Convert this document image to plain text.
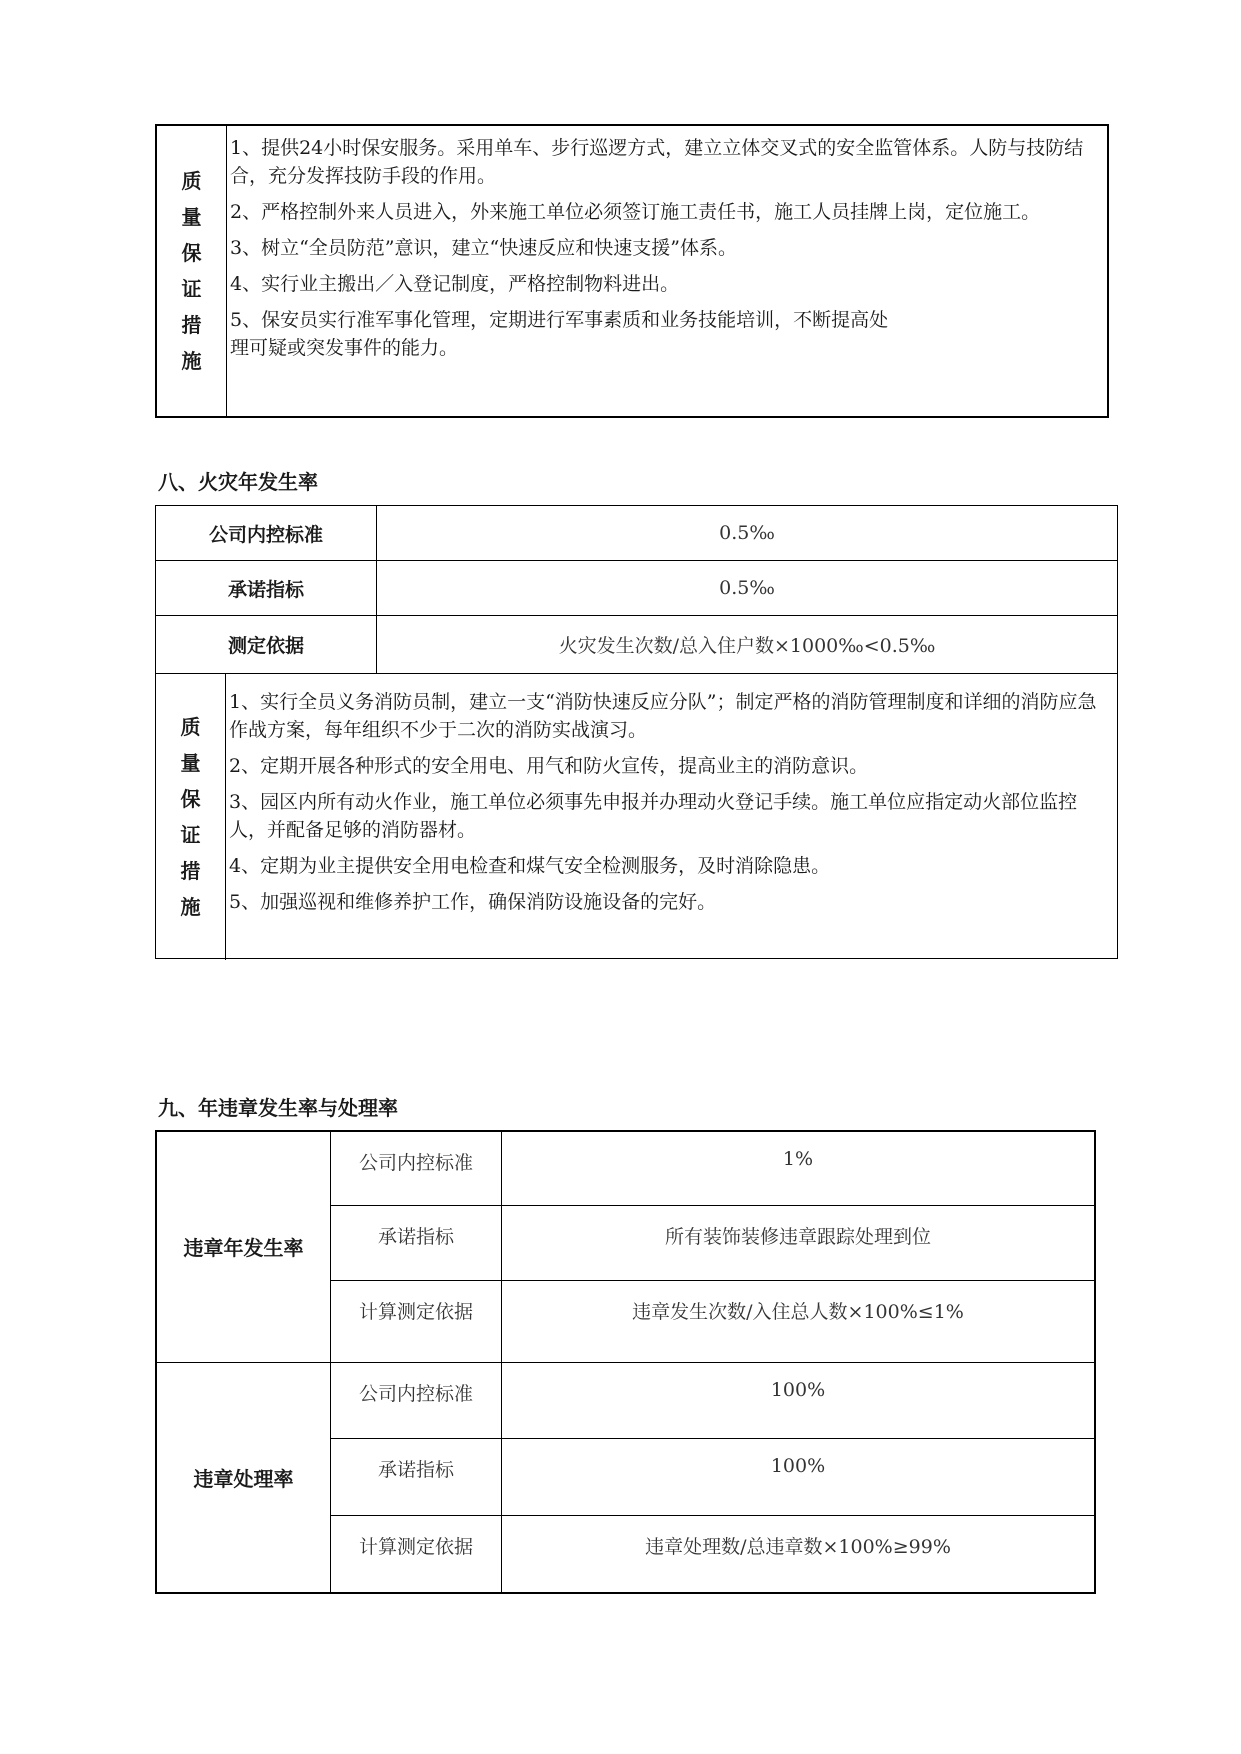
质
量
保
证
措
施

1、提供24小时保安服务。采用单车、步行巡逻方式，建立立体交叉式的安全监管体系。人防与技防结合，充分发挥技防手段的作用。

2、严格控制外来人员进入，外来施工单位必须签订施工责任书，施工人员挂牌上岗，定位施工。

3、树立“全员防范”意识，建立“快速反应和快速支援”体系。

4、实行业主搬出／入登记制度，严格控制物料进出。

5、保安员实行准军事化管理，定期进行军事素质和业务技能培训，不断提高处理可疑或突发事件的能力。

八、火灾年发生率
公司内控标准	0.5‰
承诺指标	0.5‰
测定依据	火灾发生次数/总入住户数×1000‰<0.5‰
质
量
保
证
措
施

1、实行全员义务消防员制，建立一支“消防快速反应分队”；制定严格的消防管理制度和详细的消防应急作战方案，每年组织不少于二次的消防实战演习。

2、定期开展各种形式的安全用电、用气和防火宣传，提高业主的消防意识。

3、园区内所有动火作业，施工单位必须事先申报并办理动火登记手续。施工单位应指定动火部位监控人，并配备足够的消防器材。

4、定期为业主提供安全用电检查和煤气安全检测服务，及时消除隐患。

5、加强巡视和维修养护工作，确保消防设施设备的完好。

九、年违章发生率与处理率
违章年发生率
公司内控标准	1%
承诺指标	所有装饰装修违章跟踪处理到位
计算测定依据	违章发生次数/入住总人数×100%≤1%
违章处理率
公司内控标准	100%
承诺指标	100%
计算测定依据	违章处理数/总违章数×100%≥99%
